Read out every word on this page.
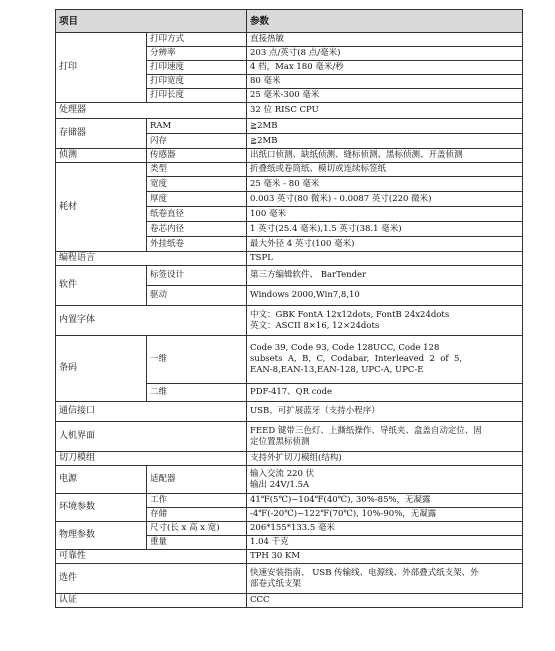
项目		参数
打印	打印方式	直接热敏
	分辨率	203 点/英寸(8 点/毫米)
	打印速度	4 档，Max 180 毫米/秒
	打印宽度	80 毫米
	打印长度	25 毫米-300 毫米
处理器		32 位 RISC CPU
存储器	RAM	≧2MB
	闪存	≧2MB
侦测	传感器	出纸口侦测、缺纸侦测、缝标侦测、黑标侦测、开盖侦测
耗材	类型	折叠纸或卷筒纸、模切或连续标签纸
	宽度	25 毫米 - 80 毫米
	厚度	0.003 英寸(80 微米) - 0.0087 英寸(220 微米)
	纸卷直径	100 毫米
	卷芯内径	1 英寸(25.4 毫米),1.5 英寸(38.1 毫米)
	外挂纸卷	最大外径 4 英寸(100 毫米)
编程语言		TSPL
软件	标签设计	第三方编辑软件、 BarTender
	驱动	Windows 2000,Win7,8,10
内置字体		中文：GBK FontA 12x12dots, FontB 24x24dots
英文：ASCII 8×16, 12×24dots

条码	一维	Code 39, Code 93, Code 128UCC, Code 128
subsets  A,  B,  C,  Codabar,  Interleaved  2  of  5,
EAN-8,EAN-13,EAN-128, UPC-A, UPC-E

	二维	PDF-417、QR code
通信接口		USB、可扩展蓝牙（支持小程序）
人机界面		FEED 键带三色灯、上撕纸操作、导纸夹、盒盖自动定位、固
定位置黑标侦测

切刀模组		支持外扩切刀模组(结构)
电源	适配器	输入交流 220 伏
输出 24V/1.5A

环境参数	工作	41℉(5℃)~104℉(40℃), 30%-85%，无凝露
	存储	-4℉(-20℃)~122℉(70℃), 10%-90%，无凝露
物理参数	尺寸(长 x 高 x 宽)	206*155*133.5 毫米
	重量	1.04 千克
可靠性		TPH 30 KM
选件		快速安装指南、 USB 传输线、电源线、外部叠式纸支架、外
部卷式纸支架

认证		CCC
